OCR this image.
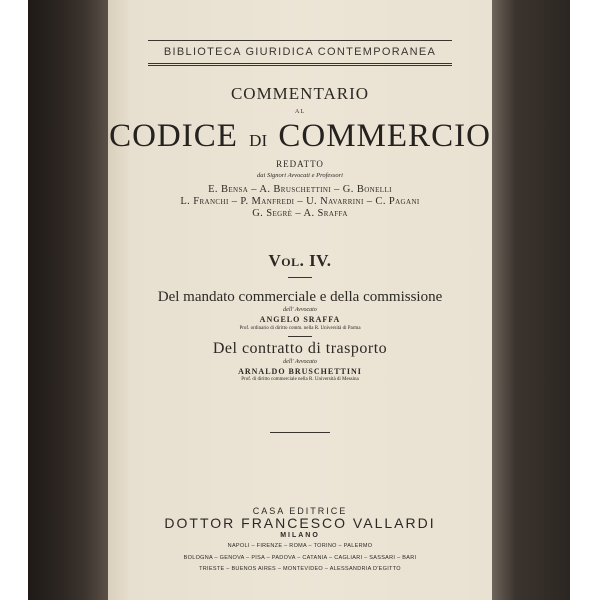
BIBLIOTECA GIURIDICA CONTEMPORANEA
COMMENTARIO
AL
CODICE DI COMMERCIO
REDATTO
dai Signori Avvocati e Professori
E. Bensa – A. Bruschettini – G. Bonelli
L. Franchi – P. Manfredi – U. Navarrini – C. Pagani
G. Segrè – A. Sraffa
Vol. IV.
Del mandato commerciale e della commissione
dell' Avvocato
ANGELO SRAFFA
Prof. ordinario di diritto comm. nella R. Università di Parma
Del contratto di trasporto
dell' Avvocato
ARNALDO BRUSCHETTINI
Prof. di diritto commerciale nella R. Università di Messina
CASA EDITRICE
DOTTOR FRANCESCO VALLARDI
MILANO
NAPOLI – FIRENZE – ROMA – TORINO – PALERMO
BOLOGNA – GENOVA – PISA – PADOVA – CATANIA – CAGLIARI – SASSARI – BARI
TRIESTE – BUENOS AIRES – MONTEVIDEO – ALESSANDRIA D'EGITTO
